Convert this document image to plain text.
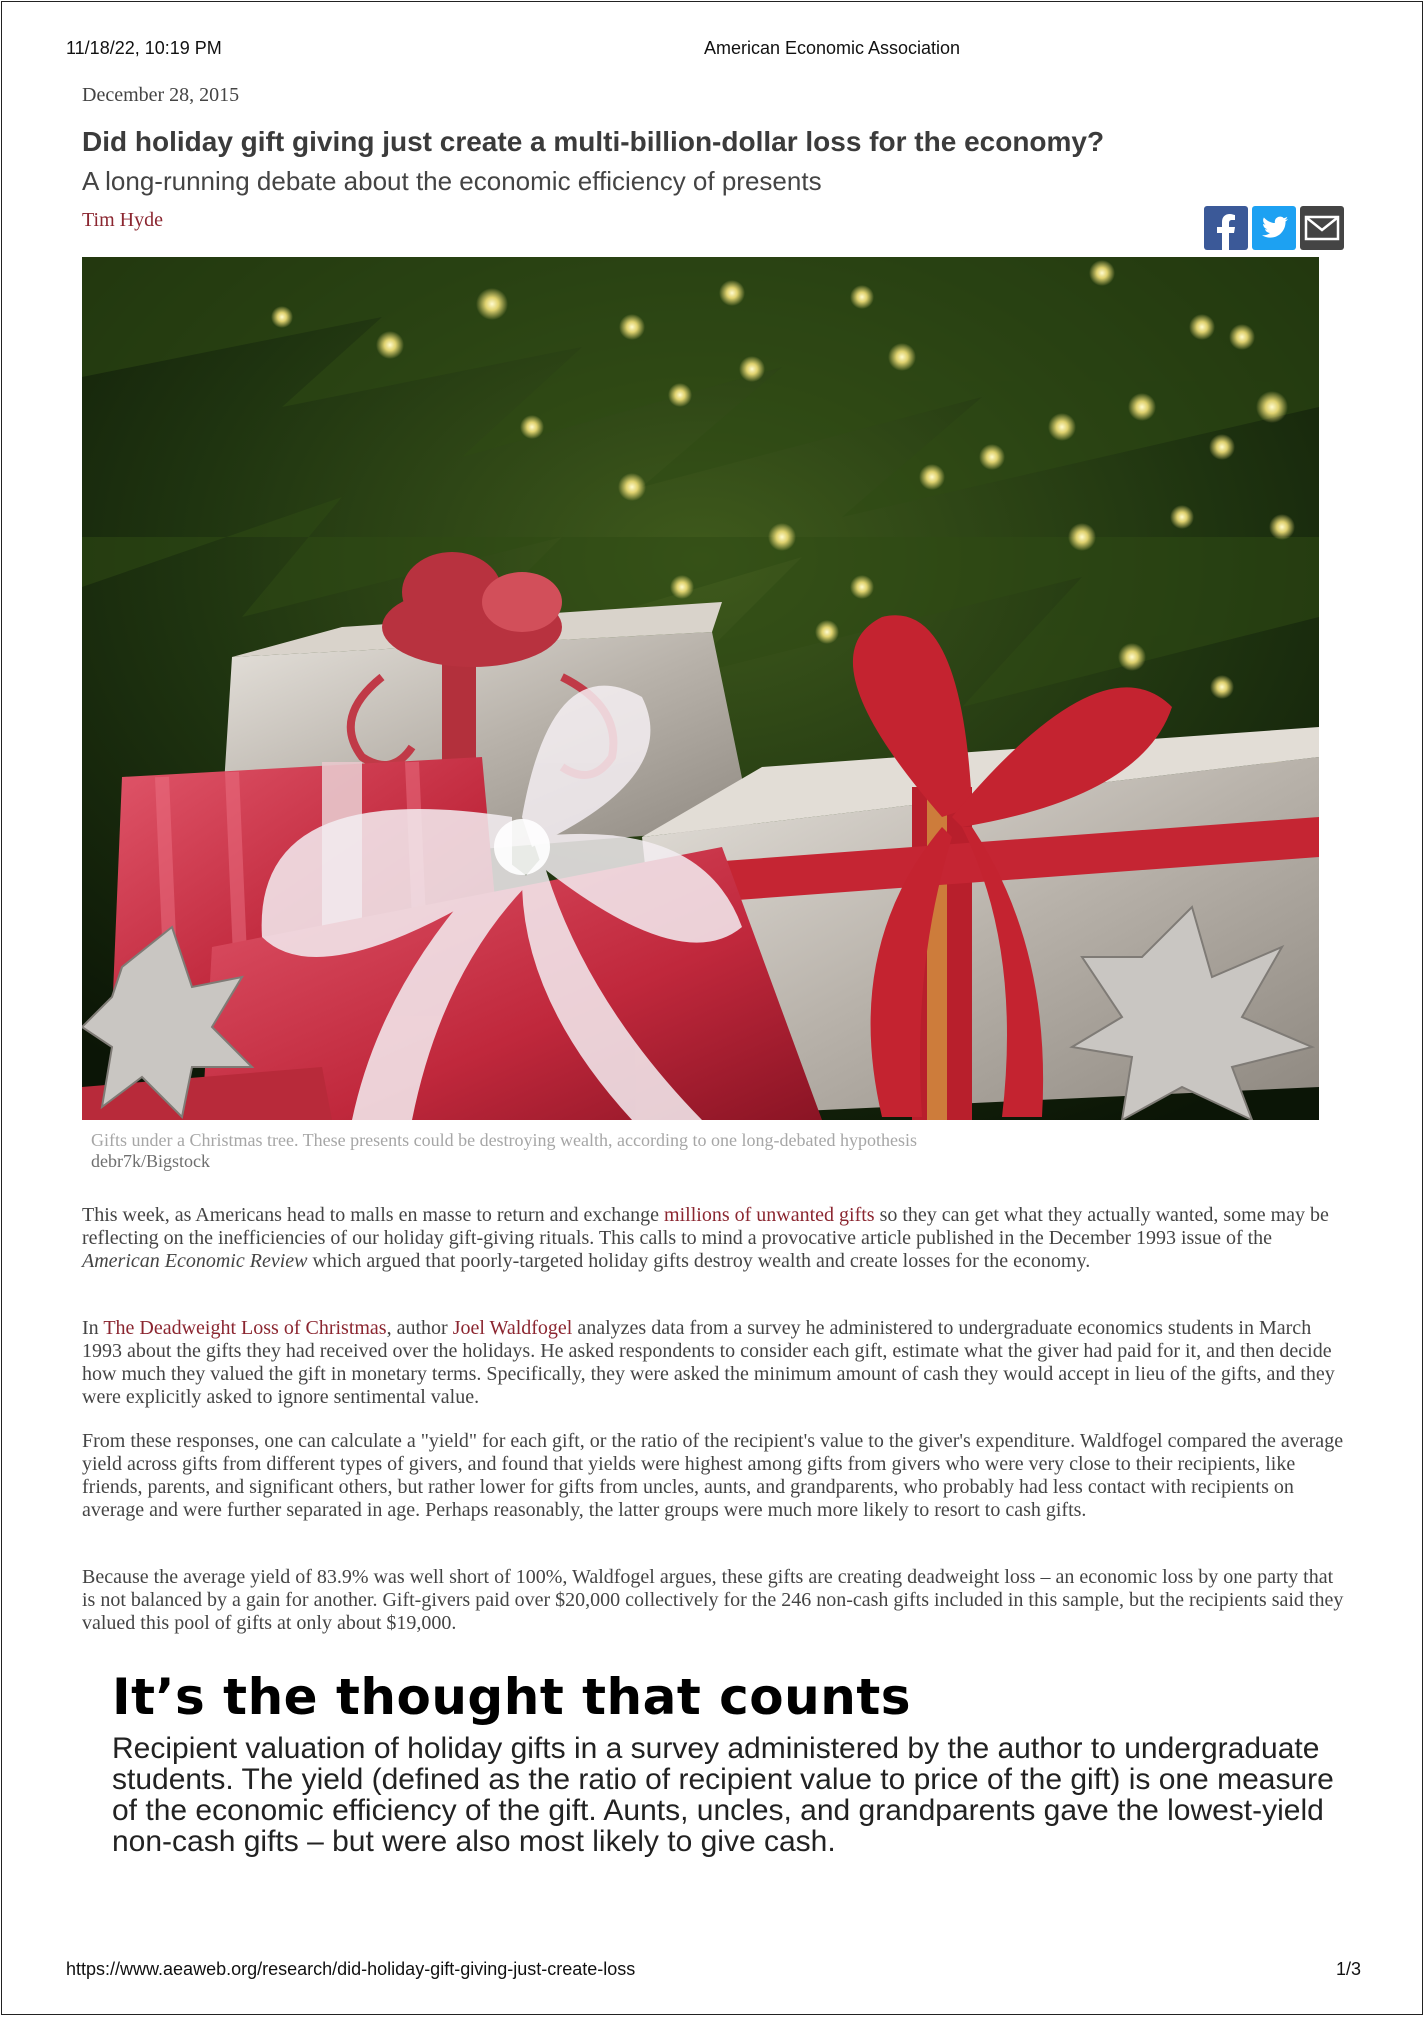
11/18/22, 10:19 PM	American Economic Association
December 28, 2015
Did holiday gift giving just create a multi-billion-dollar loss for the economy?
A long-running debate about the economic efficiency of presents
Tim Hyde
Gifts under a Christmas tree. These presents could be destroying wealth, according to one long-debated hypothesis
debr7k/Bigstock

This week, as Americans head to malls en masse to return and exchange millions of unwanted gifts so they can get what they actually wanted, some may be reflecting on the inefficiencies of our holiday gift-giving rituals. This calls to mind a provocative article published in the December 1993 issue of the American Economic Review which argued that poorly-targeted holiday gifts destroy wealth and create losses for the economy.

In The Deadweight Loss of Christmas, author Joel Waldfogel analyzes data from a survey he administered to undergraduate economics students in March 1993 about the gifts they had received over the holidays. He asked respondents to consider each gift, estimate what the giver had paid for it, and then decide how much they valued the gift in monetary terms. Specifically, they were asked the minimum amount of cash they would accept in lieu of the gifts, and they were explicitly asked to ignore sentimental value.

From these responses, one can calculate a "yield" for each gift, or the ratio of the recipient's value to the giver's expenditure. Waldfogel compared the average yield across gifts from different types of givers, and found that yields were highest among gifts from givers who were very close to their recipients, like friends, parents, and significant others, but rather lower for gifts from uncles, aunts, and grandparents, who probably had less contact with recipients on average and were further separated in age. Perhaps reasonably, the latter groups were much more likely to resort to cash gifts.

Because the average yield of 83.9% was well short of 100%, Waldfogel argues, these gifts are creating deadweight loss – an economic loss by one party that is not balanced by a gain for another. Gift-givers paid over $20,000 collectively for the 246 non-cash gifts included in this sample, but the recipients said they valued this pool of gifts at only about $19,000.

It’s the thought that counts

Recipient valuation of holiday gifts in a survey administered by the author to undergraduate students. The yield (defined as the ratio of recipient value to price of the gift) is one measure of the economic efficiency of the gift. Aunts, uncles, and grandparents gave the lowest-yield non-cash gifts – but were also most likely to give cash.

https://www.aeaweb.org/research/did-holiday-gift-giving-just-create-loss	1/3
